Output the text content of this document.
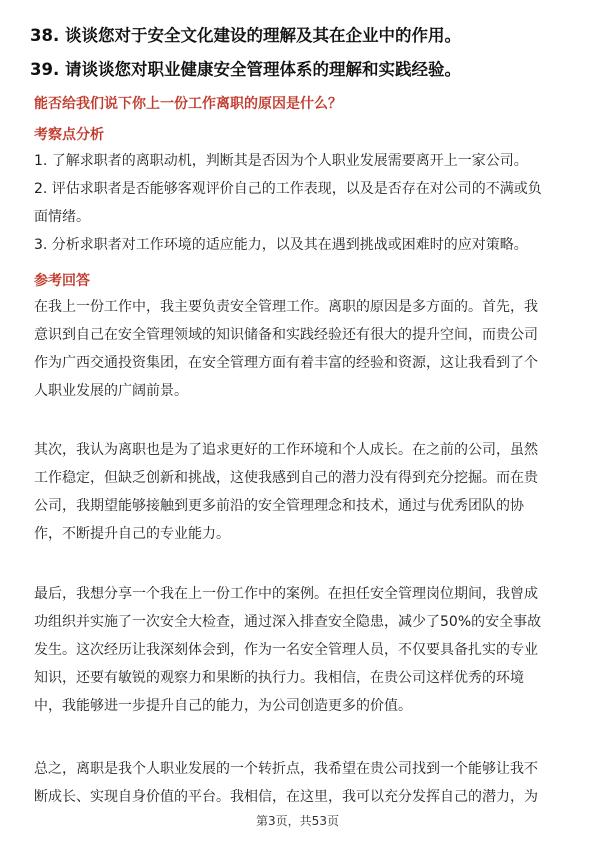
38. 谈谈您对于安全文化建设的理解及其在企业中的作用。
39. 请谈谈您对职业健康安全管理体系的理解和实践经验。
能否给我们说下你上一份工作离职的原因是什么？
考察点分析
1. 了解求职者的离职动机，判断其是否因为个人职业发展需要离开上一家公司。
2. 评估求职者是否能够客观评价自己的工作表现，以及是否存在对公司的不满或负
面情绪。
3. 分析求职者对工作环境的适应能力，以及其在遇到挑战或困难时的应对策略。
参考回答
在我上一份工作中，我主要负责安全管理工作。离职的原因是多方面的。首先，我
意识到自己在安全管理领域的知识储备和实践经验还有很大的提升空间，而贵公司
作为广西交通投资集团，在安全管理方面有着丰富的经验和资源，这让我看到了个
人职业发展的广阔前景。
其次，我认为离职也是为了追求更好的工作环境和个人成长。在之前的公司，虽然
工作稳定，但缺乏创新和挑战，这使我感到自己的潜力没有得到充分挖掘。而在贵
公司，我期望能够接触到更多前沿的安全管理理念和技术，通过与优秀团队的协
作，不断提升自己的专业能力。
最后，我想分享一个我在上一份工作中的案例。在担任安全管理岗位期间，我曾成
功组织并实施了一次安全大检查，通过深入排查安全隐患，减少了50%的安全事故
发生。这次经历让我深刻体会到，作为一名安全管理人员，不仅要具备扎实的专业
知识，还要有敏锐的观察力和果断的执行力。我相信，在贵公司这样优秀的环境
中，我能够进一步提升自己的能力，为公司创造更多的价值。
总之，离职是我个人职业发展的一个转折点，我希望在贵公司找到一个能够让我不
断成长、实现自身价值的平台。我相信，在这里，我可以充分发挥自己的潜力，为
第3页，共53页
